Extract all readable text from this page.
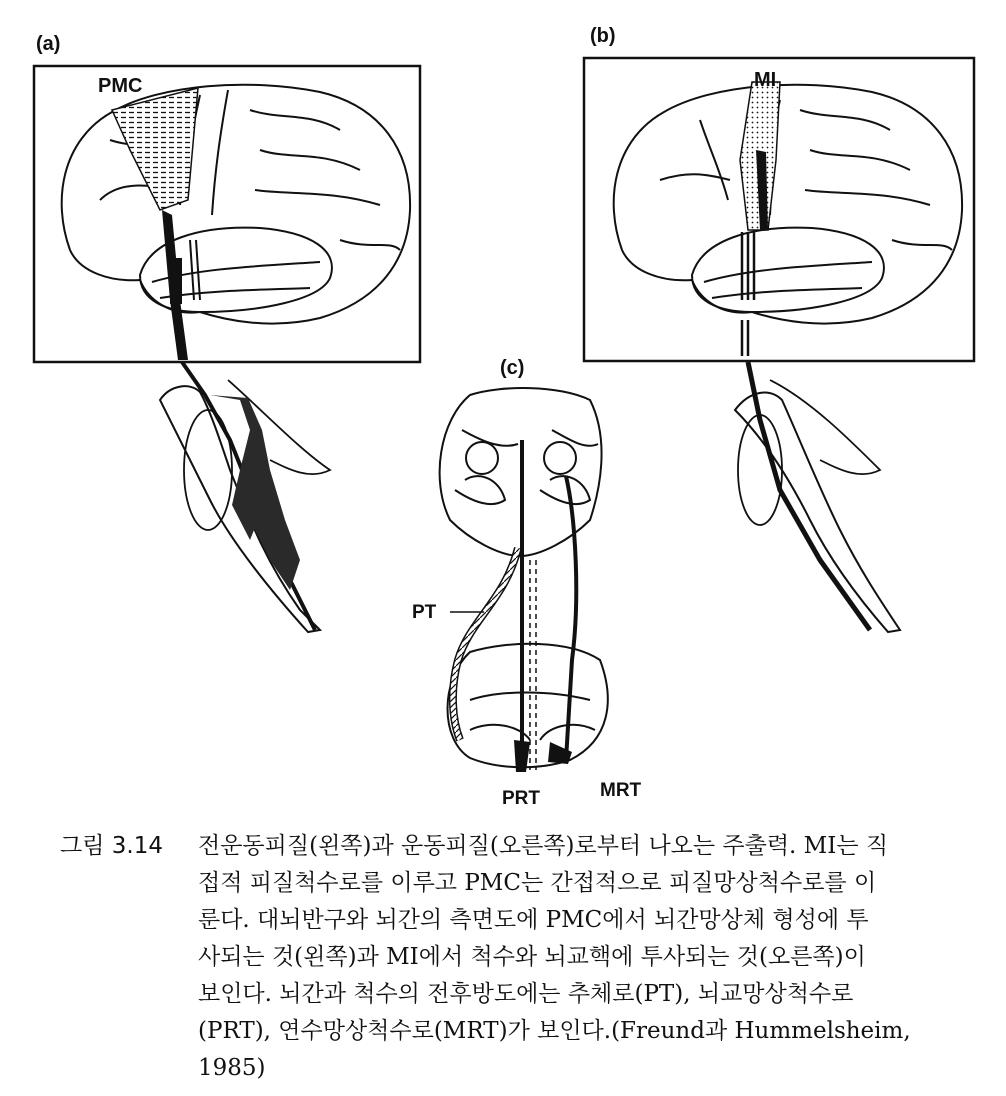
(a)
PMC
(b)
MI
(c)
PT
PRT	MRT
그림 3.14	전운동피질(왼쪽)과 운동피질(오른쪽)로부터 나오는 주출력. MI는 직
접적 피질척수로를 이루고 PMC는 간접적으로 피질망상척수로를 이
룬다. 대뇌반구와 뇌간의 측면도에 PMC에서 뇌간망상체 형성에 투
사되는 것(왼쪽)과 MI에서 척수와 뇌교핵에 투사되는 것(오른쪽)이
보인다. 뇌간과 척수의 전후방도에는 추체로(PT), 뇌교망상척수로
(PRT), 연수망상척수로(MRT)가 보인다.(Freund과 Hummelsheim,
1985)
